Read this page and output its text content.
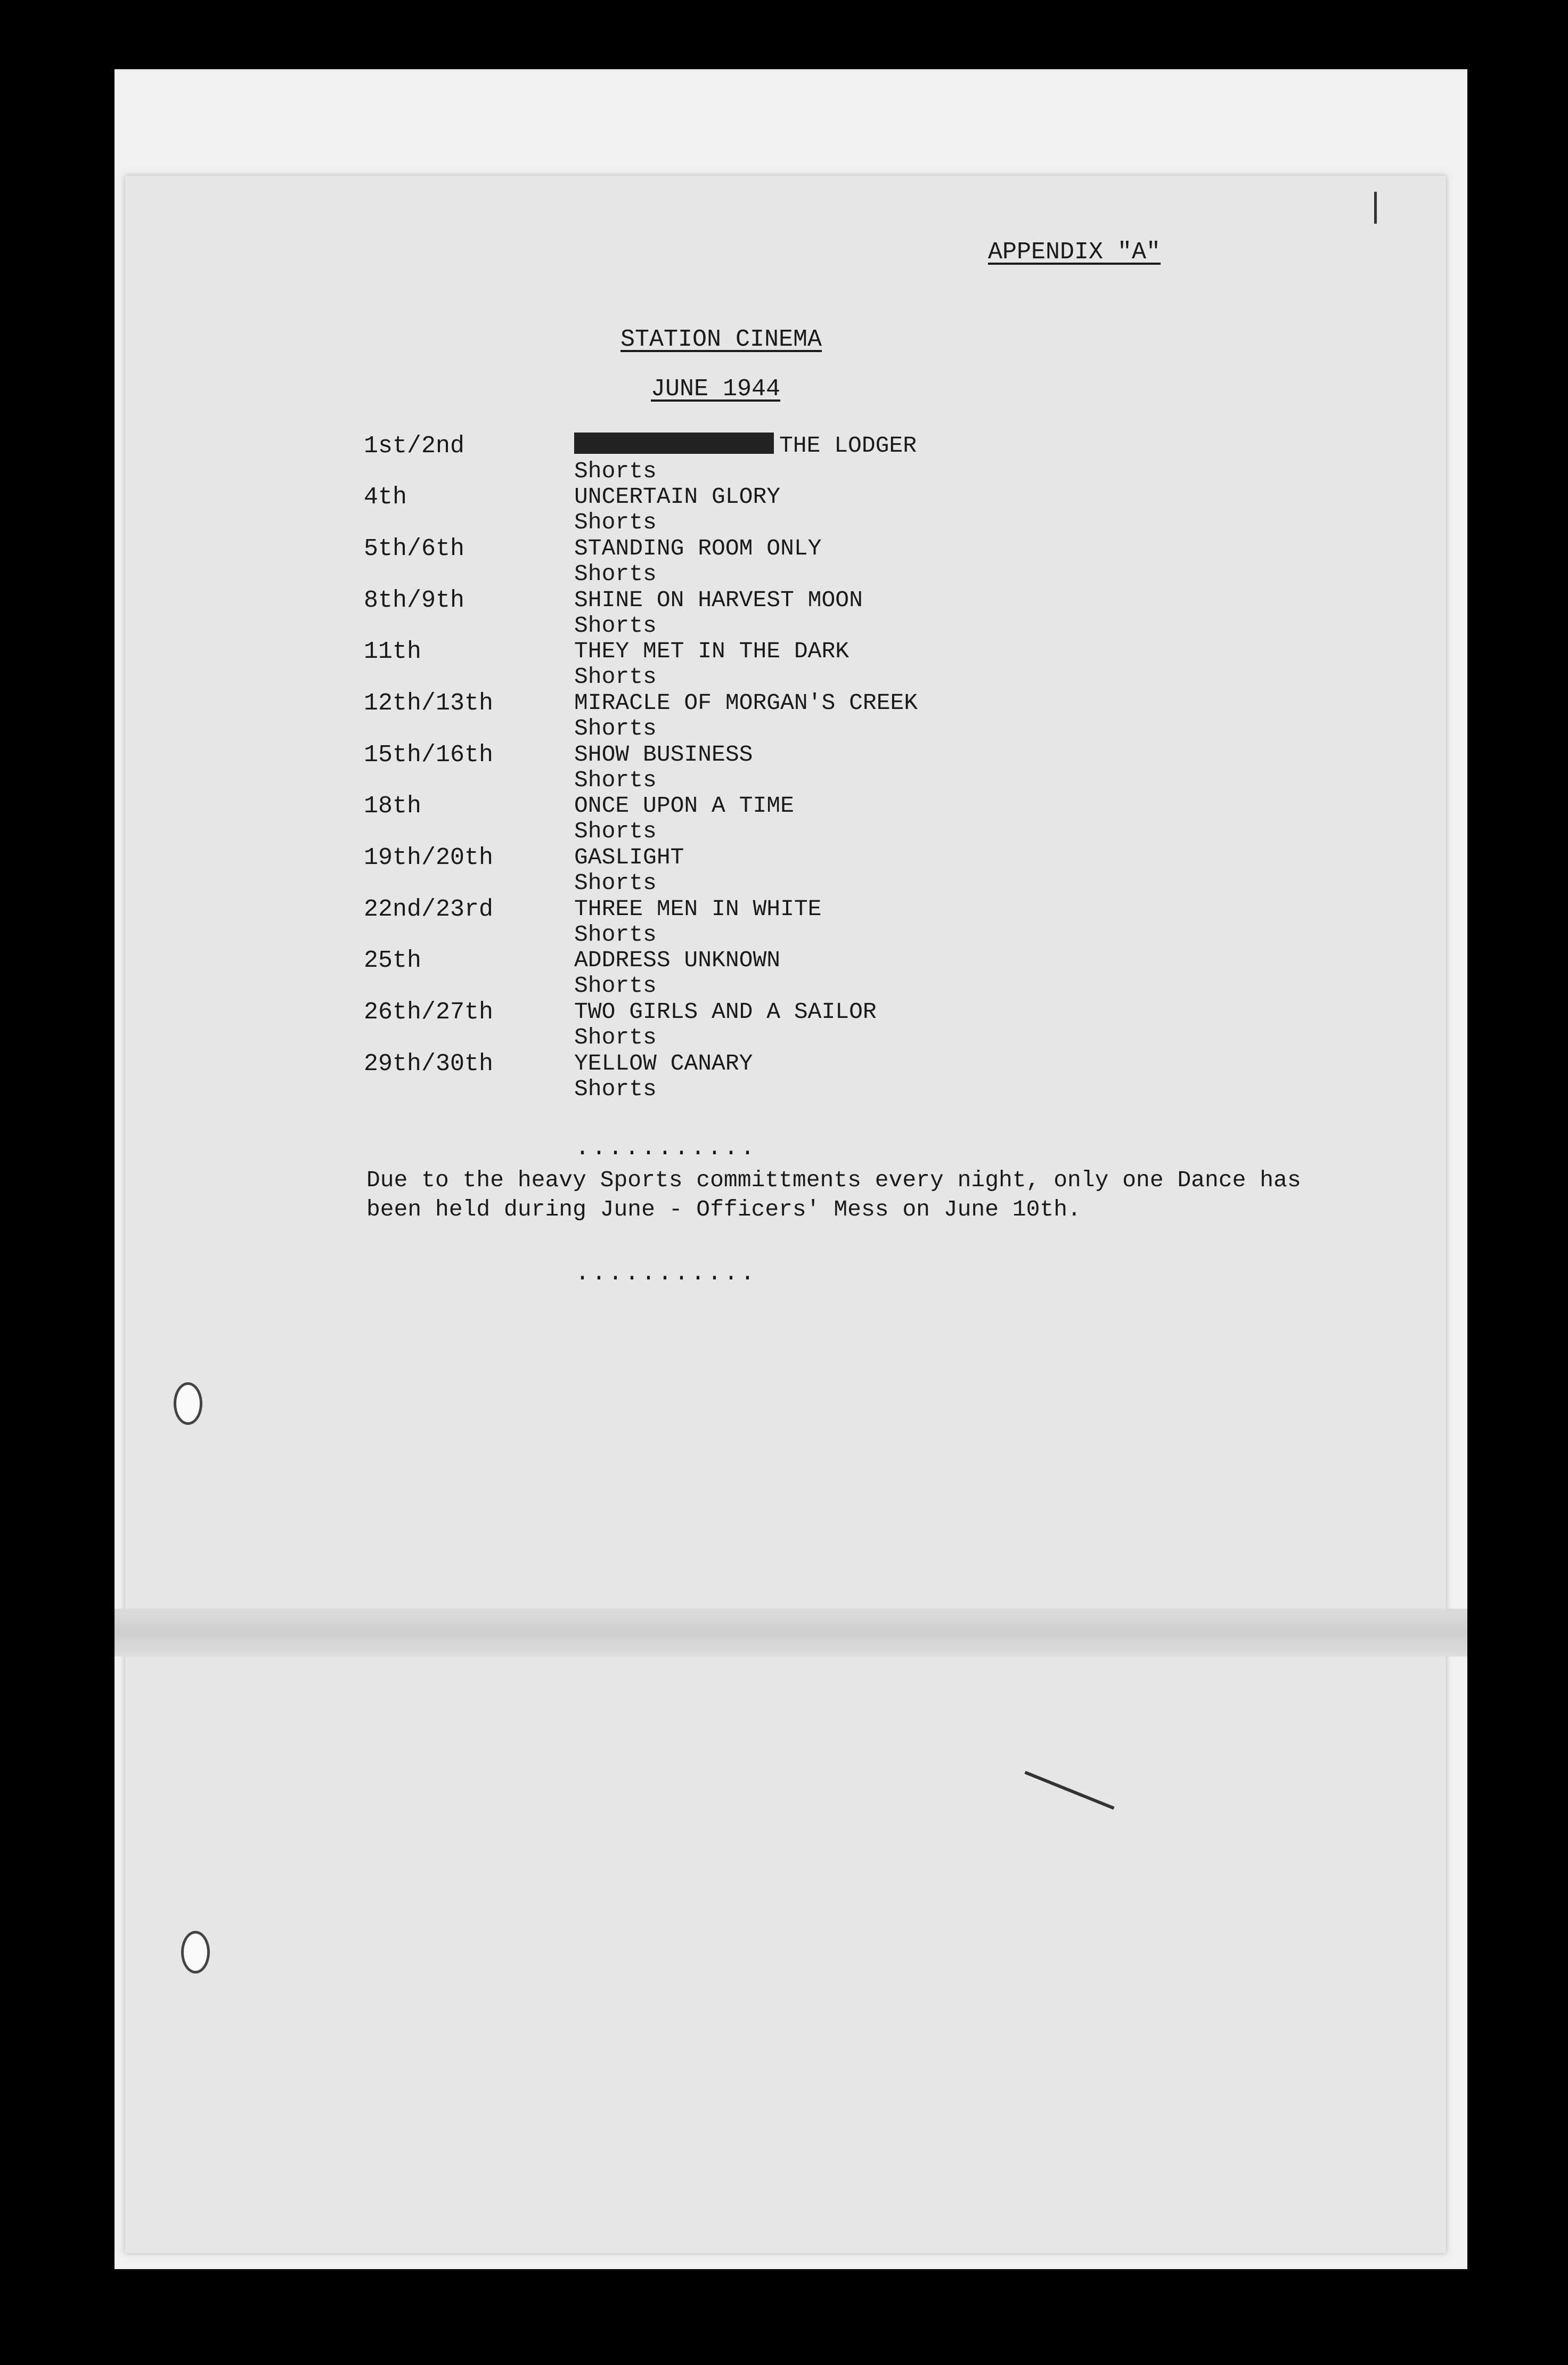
APPENDIX "A"
STATION CINEMA
JUNE 1944
MEETXTHEXPEOPLE
1st/2nd	THE LODGER
Shorts
4th	UNCERTAIN GLORY
Shorts
5th/6th	STANDING ROOM ONLY
Shorts
8th/9th	SHINE ON HARVEST MOON
Shorts
11th	THEY MET IN THE DARK
Shorts
12th/13th	MIRACLE OF MORGAN'S CREEK
Shorts
15th/16th	SHOW BUSINESS
Shorts
18th	ONCE UPON A TIME
Shorts
19th/20th	GASLIGHT
Shorts
22nd/23rd	THREE MEN IN WHITE
Shorts
25th	ADDRESS UNKNOWN
Shorts
26th/27th	TWO GIRLS AND A SAILOR
Shorts
29th/30th	YELLOW CANARY
Shorts
...........
Due to the heavy Sports committments every night, only one Dance has
been held during June - Officers' Mess on June 10th.
...........
